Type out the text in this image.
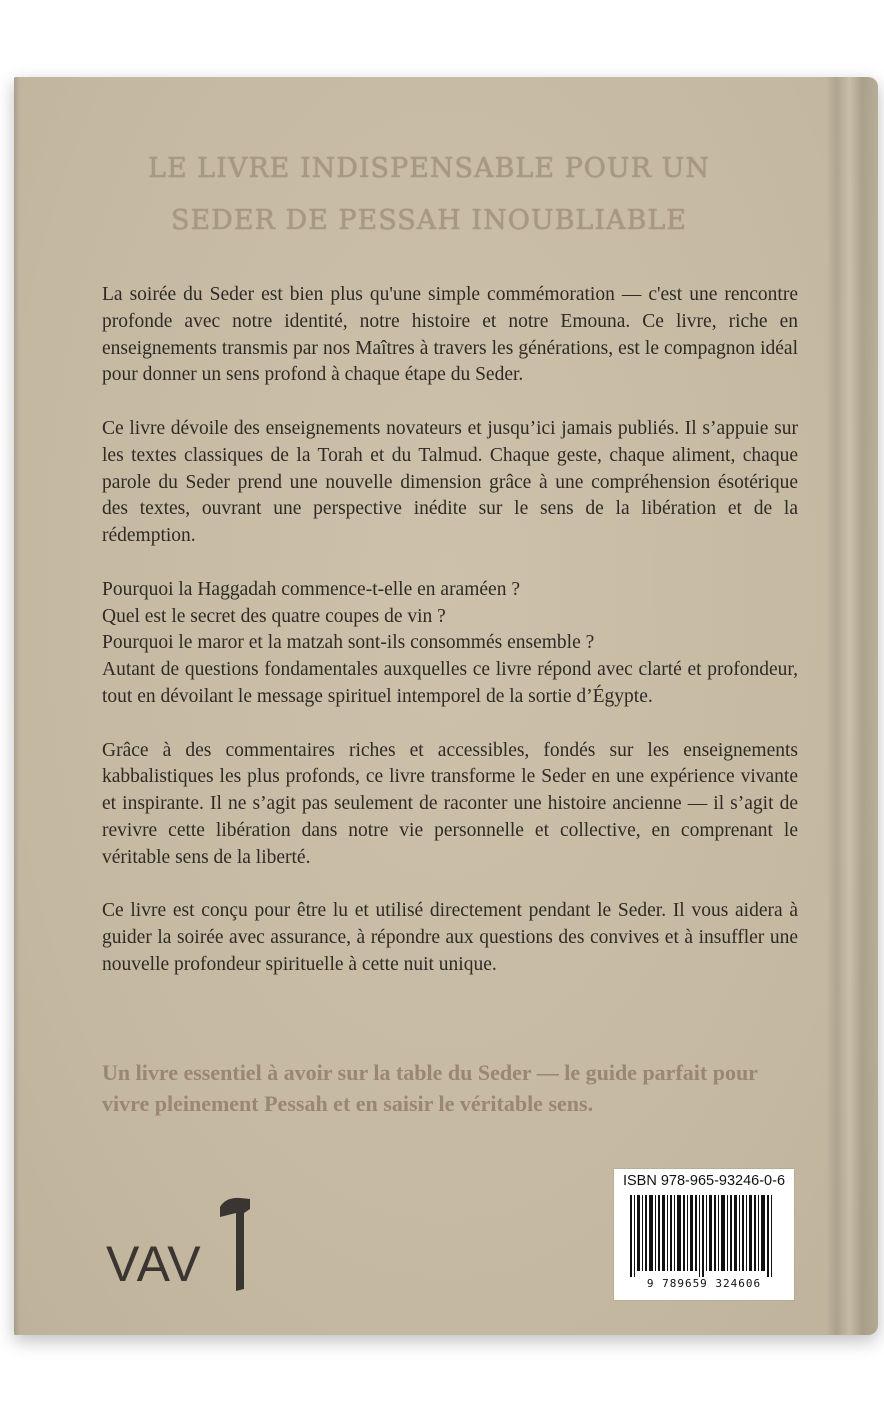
LE LIVRE INDISPENSABLE POUR UN
SEDER DE PESSAH INOUBLIABLE

La soirée du Seder est bien plus qu'une simple commémoration — c'est une rencontre profonde avec notre identité, notre histoire et notre Emouna. Ce livre, riche en enseignements transmis par nos Maîtres à travers les générations, est le compagnon idéal pour donner un sens profond à chaque étape du Seder.

Ce livre dévoile des enseignements novateurs et jusqu’ici jamais publiés. Il s’appuie sur les textes classiques de la Torah et du Talmud. Chaque geste, chaque aliment, chaque parole du Seder prend une nouvelle dimension grâce à une compréhension ésotérique des textes, ouvrant une perspective inédite sur le sens de la libération et de la rédemption.

Pourquoi la Haggadah commence-t-elle en araméen ?

Quel est le secret des quatre coupes de vin ?

Pourquoi le maror et la matzah sont-ils consommés ensemble ?

Autant de questions fondamentales auxquelles ce livre répond avec clarté et profondeur, tout en dévoilant le message spirituel intemporel de la sortie d’Égypte.

Grâce à des commentaires riches et accessibles, fondés sur les enseignements kabbalistiques les plus profonds, ce livre transforme le Seder en une expérience vivante et inspirante. Il ne s’agit pas seulement de raconter une histoire ancienne — il s’agit de revivre cette libération dans notre vie personnelle et collective, en comprenant le véritable sens de la liberté.

Ce livre est conçu pour être lu et utilisé directement pendant le Seder. Il vous aidera à guider la soirée avec assurance, à répondre aux questions des convives et à insuffler une nouvelle profondeur spirituelle à cette nuit unique.

Un livre essentiel à avoir sur la table du Seder — le guide parfait pour vivre pleinement Pessah et en saisir le véritable sens.
VAV
ISBN 978-965-93246-0-6
9 789659 324606
